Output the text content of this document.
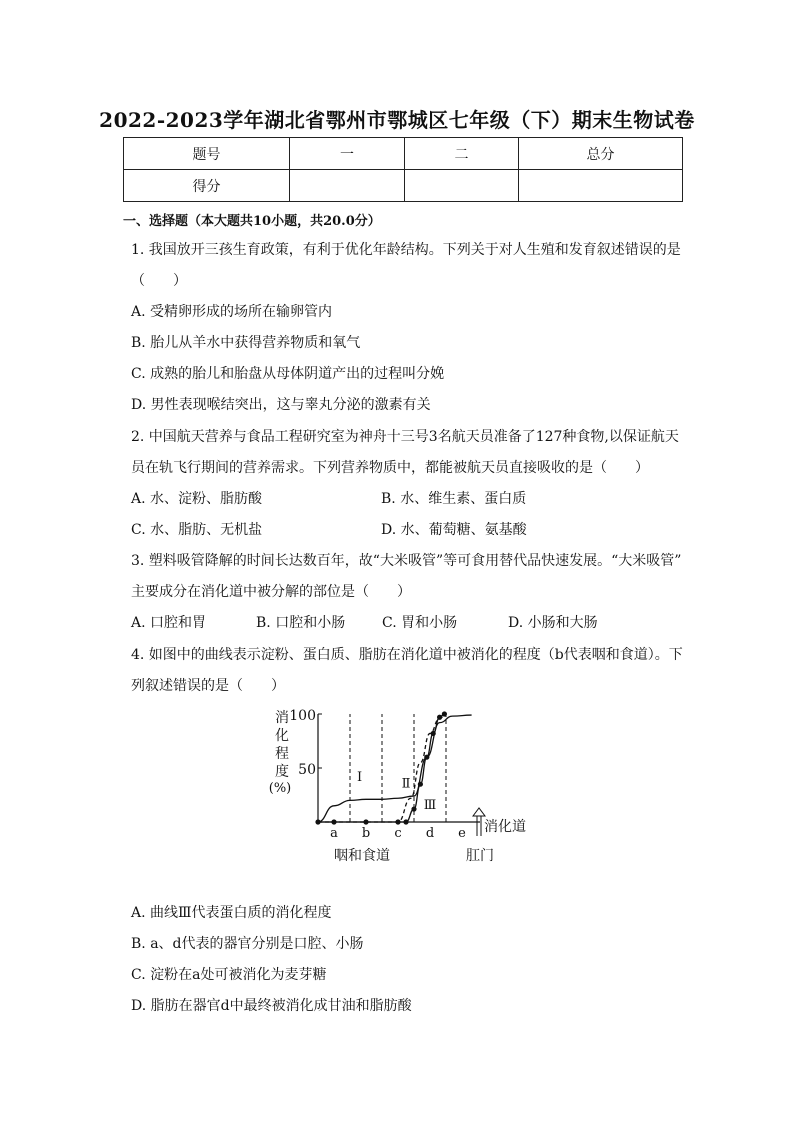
2022-2023学年湖北省鄂州市鄂城区七年级（下）期末生物试卷
题号	一	二	总分
得分			
一、选择题（本大题共10小题，共20.0分）
1. 我国放开三孩生育政策，有利于优化年龄结构。下列关于对人生殖和发育叙述错误的是
（　　）
A. 受精卵形成的场所在输卵管内
B. 胎儿从羊水中获得营养物质和氧气
C. 成熟的胎儿和胎盘从母体阴道产出的过程叫分娩
D. 男性表现喉结突出，这与睾丸分泌的激素有关
2. 中国航天营养与食品工程研究室为神舟十三号3名航天员准备了127种食物,以保证航天
员在轨飞行期间的营养需求。下列营养物质中，都能被航天员直接吸收的是（　　）
A. 水、淀粉、脂肪酸	B. 水、维生素、蛋白质
C. 水、脂肪、无机盐	D. 水、葡萄糖、氨基酸
3. 塑料吸管降解的时间长达数百年，故“大米吸管”等可食用替代品快速发展。“大米吸管”
主要成分在消化道中被分解的部位是（　　）
A. 口腔和胃	B. 口腔和小肠	C. 胃和小肠	D. 小肠和大肠
4. 如图中的曲线表示淀粉、蛋白质、脂肪在消化道中被消化的程度（b代表咽和食道）。下
列叙述错误的是（　　）
消
化
程
度
(%)
100
50	Ⅰ	Ⅱ
Ⅲ
a b c d e 消化道
咽和食道	肛门
A. 曲线Ⅲ代表蛋白质的消化程度
B. a、d代表的器官分别是口腔、小肠
C. 淀粉在a处可被消化为麦芽糖
D. 脂肪在器官d中最终被消化成甘油和脂肪酸
